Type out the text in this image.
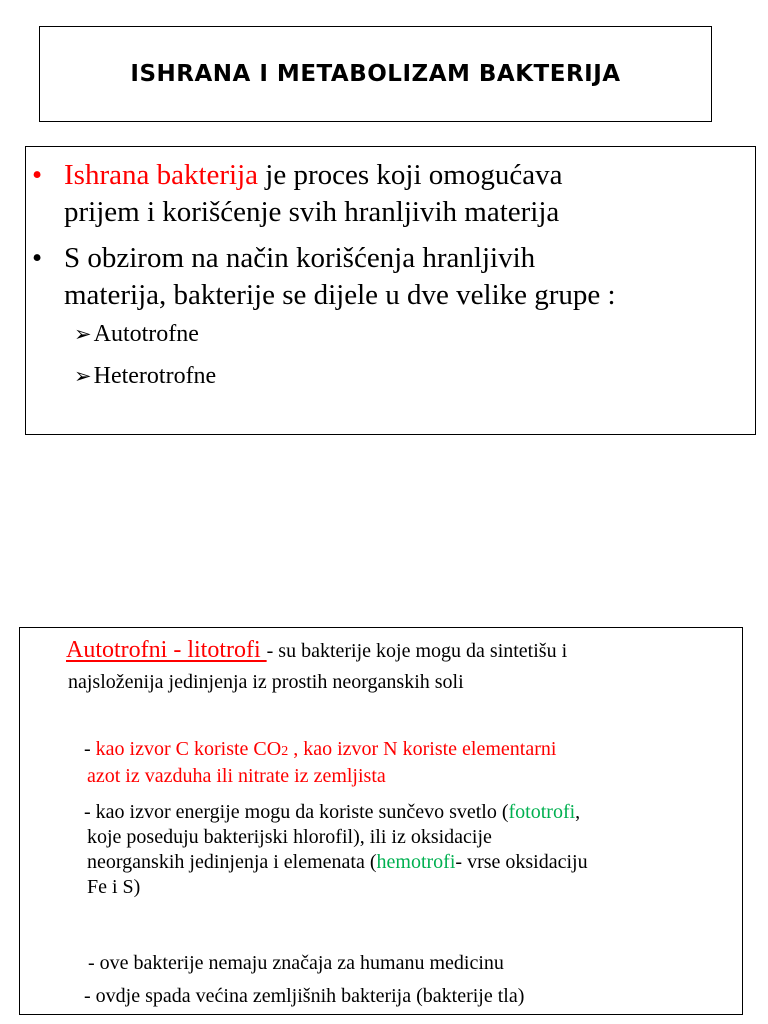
ISHRANA I METABOLIZAM BAKTERIJA
• Ishrana bakterija je proces koji omogućava
prijem i korišćenje svih hranljivih materija
• S obzirom na način korišćenja hranljivih
materija, bakterije se dijele u dve velike grupe :
➢Autotrofne
➢Heterotrofne
Autotrofni - litotrofi - su bakterije koje mogu da sintetišu i
najsloženija jedinjenja iz prostih neorganskih soli
- kao izvor C koriste CO2 , kao izvor N koriste elementarni
azot iz vazduha ili nitrate iz zemljista
- kao izvor energije mogu da koriste sunčevo svetlo (fototrofi,
koje poseduju bakterijski hlorofil), ili iz oksidacije
neorganskih jedinjenja i elemenata (hemotrofi- vrse oksidaciju
Fe i S)
- ove bakterije nemaju značaja za humanu medicinu
- ovdje spada većina zemljišnih bakterija (bakterije tla)
